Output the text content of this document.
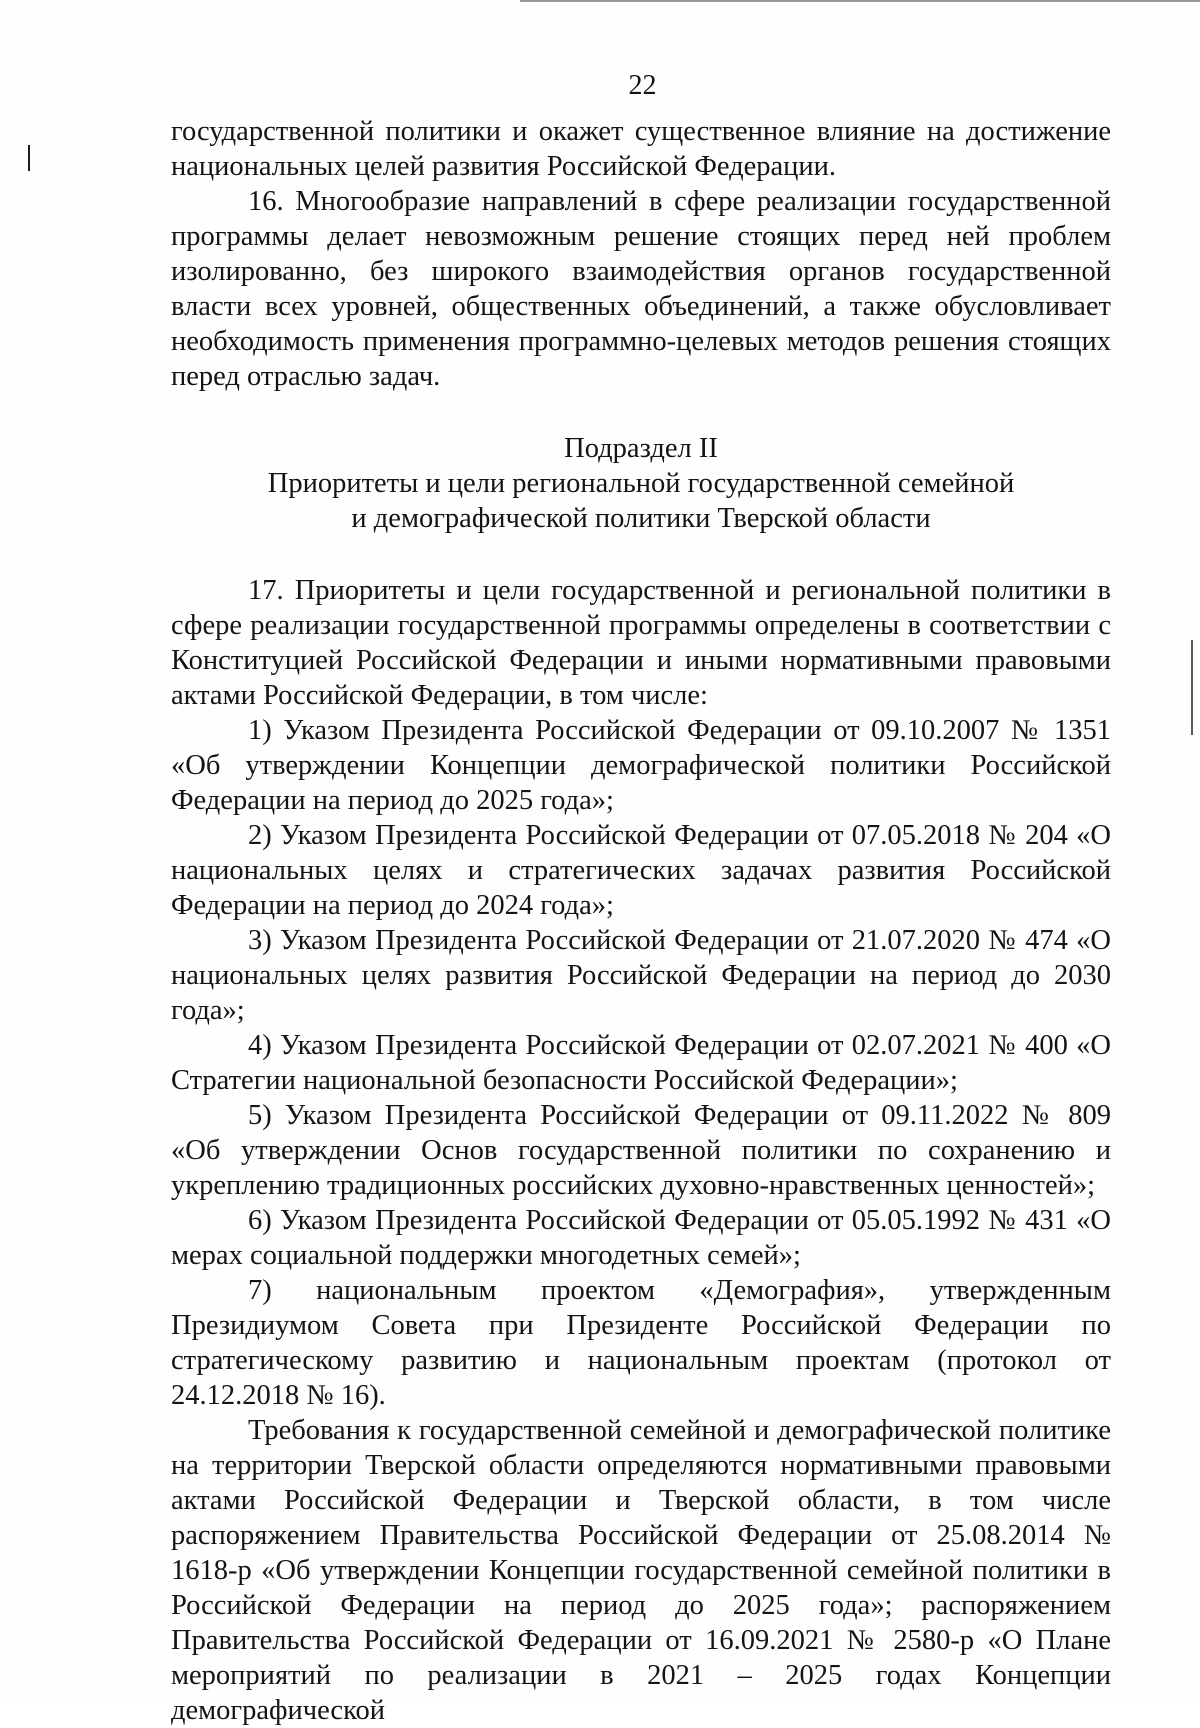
22

государственной политики и окажет существенное влияние на достижение национальных целей развития Российской Федерации.

16. Многообразие направлений в сфере реализации государственной программы делает невозможным решение стоящих перед ней проблем изолированно, без широкого взаимодействия органов государственной власти всех уровней, общественных объединений, а также обусловливает необходимость применения программно-целевых методов решения стоящих перед отраслью задач.

Подраздел II

Приоритеты и цели региональной государственной семейной

и демографической политики Тверской области

17. Приоритеты и цели государственной и региональной политики в сфере реализации государственной программы определены в соответствии с Конституцией Российской Федерации и иными нормативными правовыми актами Российской Федерации, в том числе:

1) Указом Президента Российской Федерации от 09.10.2007 № 1351 «Об утверждении Концепции демографической политики Российской Федерации на период до 2025 года»;

2) Указом Президента Российской Федерации от 07.05.2018 № 204 «О национальных целях и стратегических задачах развития Российской Федерации на период до 2024 года»;

3) Указом Президента Российской Федерации от 21.07.2020 № 474 «О национальных целях развития Российской Федерации на период до 2030 года»;

4) Указом Президента Российской Федерации от 02.07.2021 № 400 «О Стратегии национальной безопасности Российской Федерации»;

5) Указом Президента Российской Федерации от 09.11.2022 № 809 «Об утверждении Основ государственной политики по сохранению и укреплению традиционных российских духовно-нравственных ценностей»;

6) Указом Президента Российской Федерации от 05.05.1992 № 431 «О мерах социальной поддержки многодетных семей»;

7) национальным проектом «Демография», утвержденным Президиумом Совета при Президенте Российской Федерации по стратегическому развитию и национальным проектам (протокол от 24.12.2018 № 16).

Требования к государственной семейной и демографической политике на территории Тверской области определяются нормативными правовыми актами Российской Федерации и Тверской области, в том числе распоряжением Правительства Российской Федерации от 25.08.2014 № 1618-р «Об утверждении Концепции государственной семейной политики в Российской Федерации на период до 2025 года»; распоряжением Правительства Российской Федерации от 16.09.2021 № 2580-р «О Плане мероприятий по реализации в 2021 – 2025 годах Концепции демографической
